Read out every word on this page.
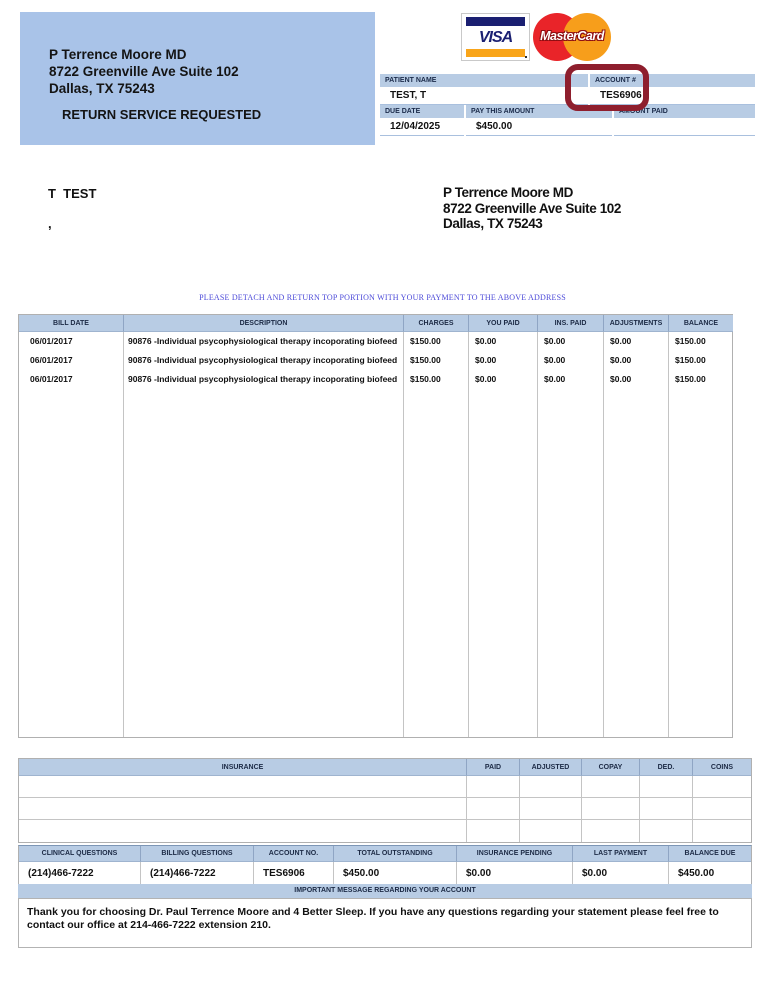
P Terrence Moore MD
8722 Greenville Ave Suite 102
Dallas, TX 75243
RETURN SERVICE REQUESTED
VISA	MasterCard
PATIENT NAME	ACCOUNT #
TEST, T	TES6906
DUE DATE	PAY THIS AMOUNT	AMOUNT PAID
12/04/2025	$450.00
T  TEST
,
P Terrence Moore MD
8722 Greenville Ave Suite 102
Dallas, TX 75243
PLEASE DETACH AND RETURN TOP PORTION WITH YOUR PAYMENT TO THE ABOVE ADDRESS
BILL DATE	DESCRIPTION	CHARGES	YOU PAID	INS. PAID	ADJUSTMENTS	BALANCE
06/01/2017	90876 -Individual psycophysiological therapy incoporating biofeed	$150.00	$0.00	$0.00	$0.00	$150.00
06/01/2017	90876 -Individual psycophysiological therapy incoporating biofeed	$150.00	$0.00	$0.00	$0.00	$150.00
06/01/2017	90876 -Individual psycophysiological therapy incoporating biofeed	$150.00	$0.00	$0.00	$0.00	$150.00
INSURANCE	PAID	ADJUSTED	COPAY	DED.	COINS
CLINICAL QUESTIONS	BILLING QUESTIONS	ACCOUNT NO.	TOTAL OUTSTANDING	INSURANCE PENDING	LAST PAYMENT	BALANCE DUE
(214)466-7222	(214)466-7222	TES6906	$450.00	$0.00	$0.00	$450.00
IMPORTANT MESSAGE REGARDING YOUR ACCOUNT
Thank you for choosing Dr. Paul Terrence Moore and 4 Better Sleep. If you have any questions regarding your statement please feel free to contact our office at 214-466-7222 extension 210.
